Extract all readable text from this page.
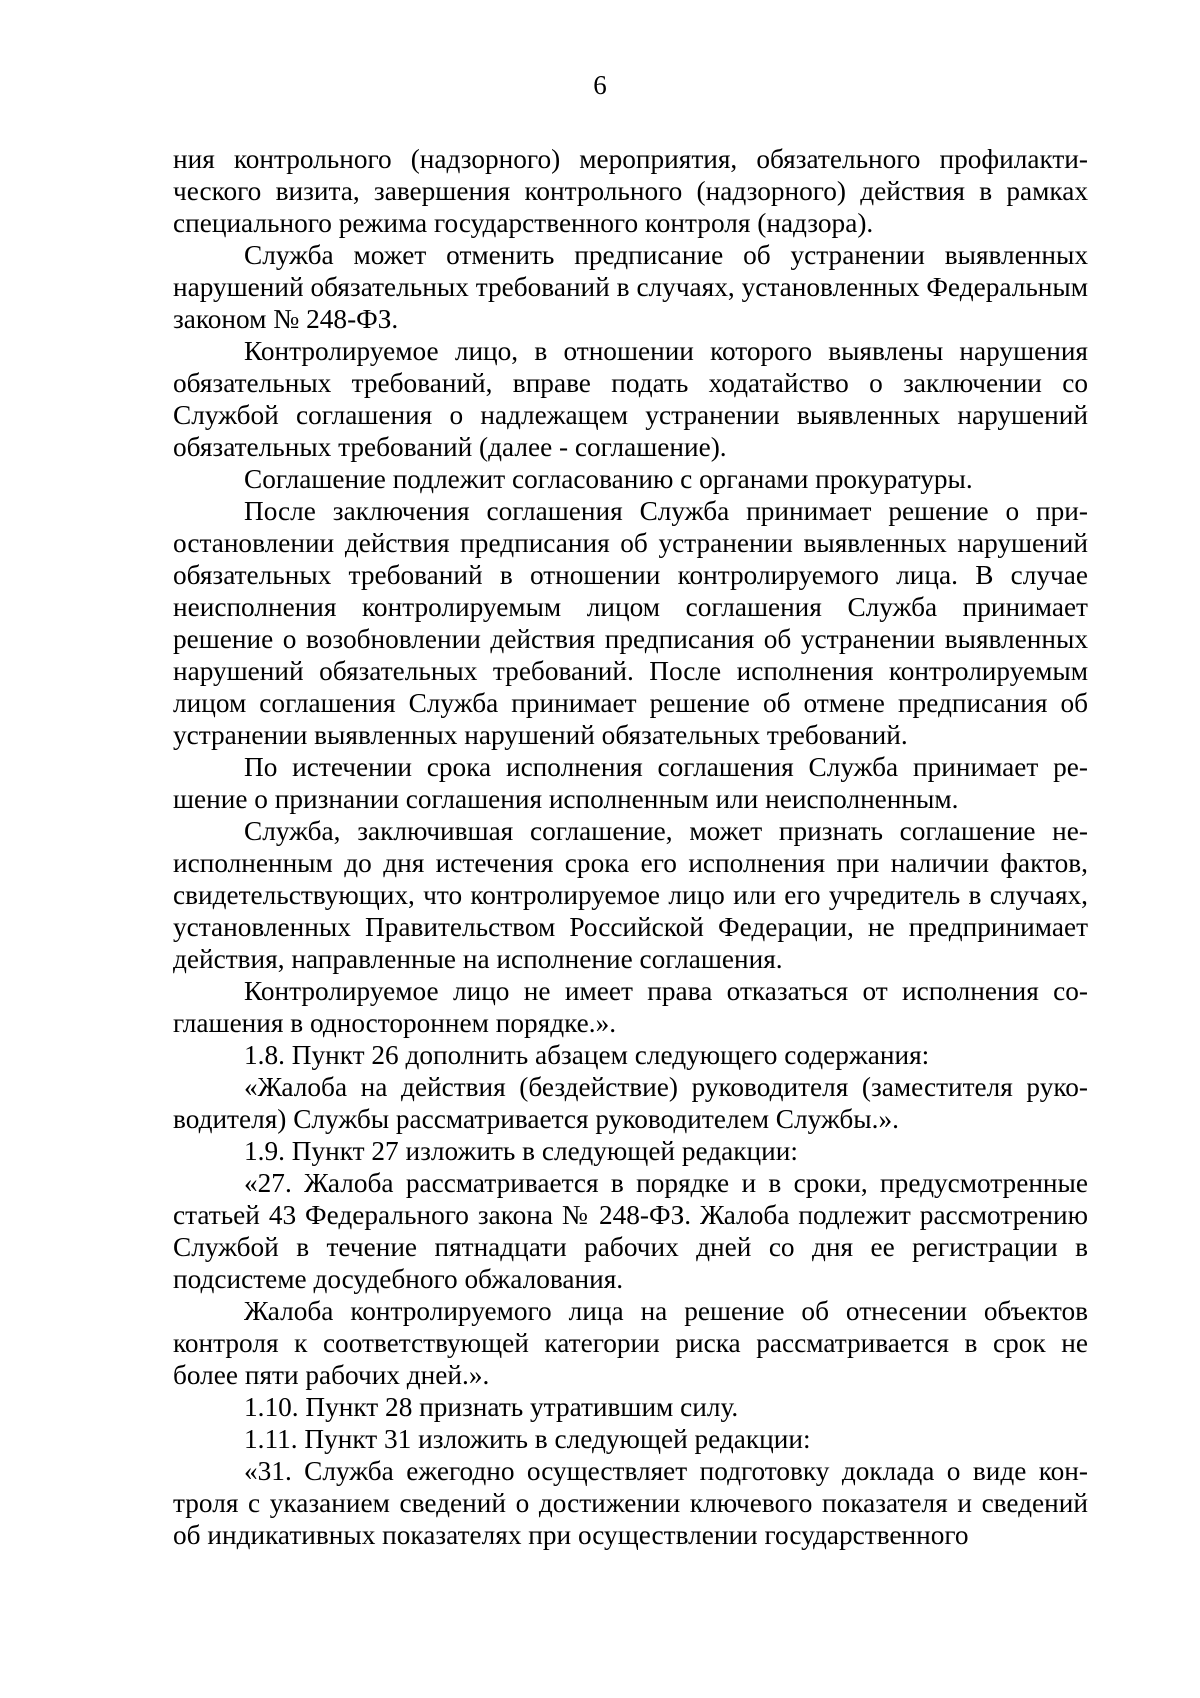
6

ния контрольного (надзорного) мероприятия, обязательного профилактического визита, завершения контрольного (надзорного) действия в рамках специального режима государственного контроля (надзора).

Служба может отменить предписание об устранении выявленных нарушений обязательных требований в случаях, установленных Федеральным законом № 248-ФЗ.

Контролируемое лицо, в отношении которого выявлены нарушения обязательных требований, вправе подать ходатайство о заключении со Службой соглашения о надлежащем устранении выявленных нарушений обязательных требований (далее - соглашение).

Соглашение подлежит согласованию с органами прокуратуры.

После заключения соглашения Служба принимает решение о приостановлении действия предписания об устранении выявленных нарушений обязательных требований в отношении контролируемого лица. В случае неисполнения контролируемым лицом соглашения Служба принимает решение о возобновлении действия предписания об устранении выявленных нарушений обязательных требований. После исполнения контролируемым лицом соглашения Служба принимает решение об отмене предписания об устранении выявленных нарушений обязательных требований.

По истечении срока исполнения соглашения Служба принимает решение о признании соглашения исполненным или неисполненным.

Служба, заключившая соглашение, может признать соглашение неисполненным до дня истечения срока его исполнения при наличии фактов, свидетельствующих, что контролируемое лицо или его учредитель в случаях, установленных Правительством Российской Федерации, не предпринимает действия, направленные на исполнение соглашения.

Контролируемое лицо не имеет права отказаться от исполнения соглашения в одностороннем порядке.».

1.8. Пункт 26 дополнить абзацем следующего содержания:

«Жалоба на действия (бездействие) руководителя (заместителя руководителя) Службы рассматривается руководителем Службы.».

1.9. Пункт 27 изложить в следующей редакции:

«27. Жалоба рассматривается в порядке и в сроки, предусмотренные статьей 43 Федерального закона № 248-ФЗ. Жалоба подлежит рассмотрению Службой в течение пятнадцати рабочих дней со дня ее регистрации в подсистеме досудебного обжалования.

Жалоба контролируемого лица на решение об отнесении объектов контроля к соответствующей категории риска рассматривается в срок не более пяти рабочих дней.».

1.10. Пункт 28 признать утратившим силу.

1.11. Пункт 31 изложить в следующей редакции:

«31. Служба ежегодно осуществляет подготовку доклада о виде контроля с указанием сведений о достижении ключевого показателя и сведений об индикативных показателях при осуществлении государственного
